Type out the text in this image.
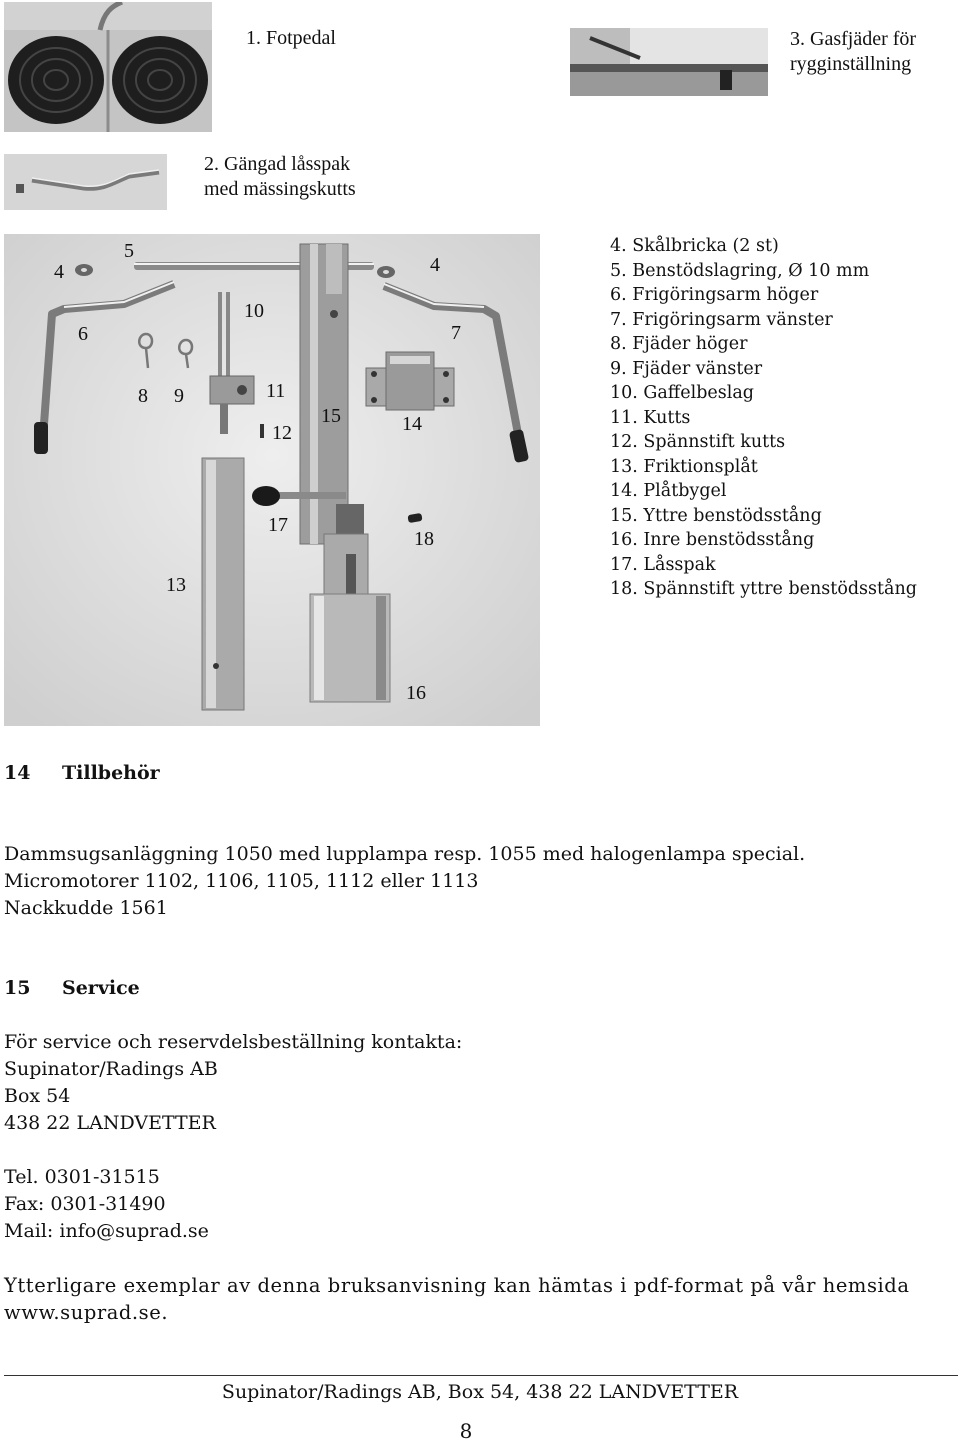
1. Fotpedal	3. Gasfjäder för
rygginställning
2. Gängad låsspak
med mässingskutts
4
5
4
6
10
7
8 9	11
15	14
12
17
18
13
16
4. Skålbricka (2 st)
5. Benstödslagring, Ø 10 mm
6. Frigöringsarm höger
7. Frigöringsarm vänster
8. Fjäder höger
9. Fjäder vänster
10. Gaffelbeslag
11. Kutts
12. Spännstift kutts
13. Friktionsplåt
14. Plåtbygel
15. Yttre benstödsstång
16. Inre benstödsstång
17. Låsspak
18. Spännstift yttre benstödsstång
14 Tillbehör
Dammsugsanläggning 1050 med lupplampa resp. 1055 med halogenlampa special.
Micromotorer 1102, 1106, 1105, 1112 eller 1113
Nackkudde 1561
15 Service
För service och reservdelsbeställning kontakta:
Supinator/Radings AB
Box 54
438 22 LANDVETTER
Tel. 0301-31515
Fax: 0301-31490
Mail: info@suprad.se
Ytterligare exemplar av denna bruksanvisning kan hämtas i pdf-format på vår hemsida
www.suprad.se.
Supinator/Radings AB, Box 54, 438 22 LANDVETTER
8
